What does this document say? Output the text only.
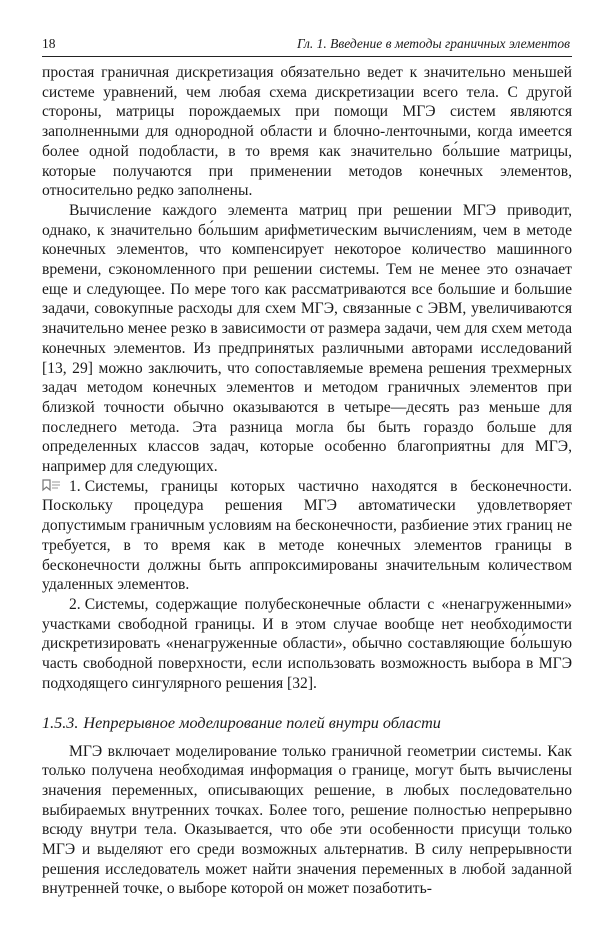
18	Гл. 1. Введение в методы граничных элементов

простая граничная дискретизация обязательно ведет к значительно меньшей системе уравнений, чем любая схема дискретизации всего тела. С другой стороны, матрицы порождаемых при помощи МГЭ систем являются заполненными для однородной области и блочно-ленточными, когда имеется более одной подобласти, в то время как значительно бо́льшие матрицы, которые получаются при применении методов конечных элементов, относительно редко заполнены.

Вычисление каждого элемента матриц при решении МГЭ приводит, однако, к значительно бо́льшим арифметическим вычислениям, чем в методе конечных элементов, что компенсирует некоторое количество машинного времени, сэкономленного при решении системы. Тем не менее это означает еще и следующее. По мере того как рассматриваются все большие и большие задачи, совокупные расходы для схем МГЭ, связанные с ЭВМ, увеличиваются значительно менее резко в зависимости от размера задачи, чем для схем метода конечных элементов. Из предпринятых различными авторами исследований [13, 29] можно заключить, что сопоставляемые времена решения трехмерных задач методом конечных элементов и методом граничных элементов при близкой точности обычно оказываются в четыре—десять раз меньше для последнего метода. Эта разница могла бы быть гораздо больше для определенных классов задач, которые особенно благоприятны для МГЭ, например для следующих.

1. Системы, границы которых частично находятся в бесконечности. Поскольку процедура решения МГЭ автоматически удовлетворяет допустимым граничным условиям на бесконечности, разбиение этих границ не требуется, в то время как в методе конечных элементов границы в бесконечности должны быть аппроксимированы значительным количеством удаленных элементов.

2. Системы, содержащие полубесконечные области с «ненагруженными» участками свободной границы. И в этом случае вообще нет необходимости дискретизировать «ненагруженные области», обычно составляющие бо́льшую часть свободной поверхности, если использовать возможность выбора в МГЭ подходящего сингулярного решения [32].

1.5.3. Непрерывное моделирование полей внутри области

МГЭ включает моделирование только граничной геометрии системы. Как только получена необходимая информация о границе, могут быть вычислены значения переменных, описывающих решение, в любых последовательно выбираемых внутренних точках. Более того, решение полностью непрерывно всюду внутри тела. Оказывается, что обе эти особенности присущи только МГЭ и выделяют его среди возможных альтернатив. В силу непрерывности решения исследователь может найти значения переменных в любой заданной внутренней точке, о выборе которой он может позаботить-
